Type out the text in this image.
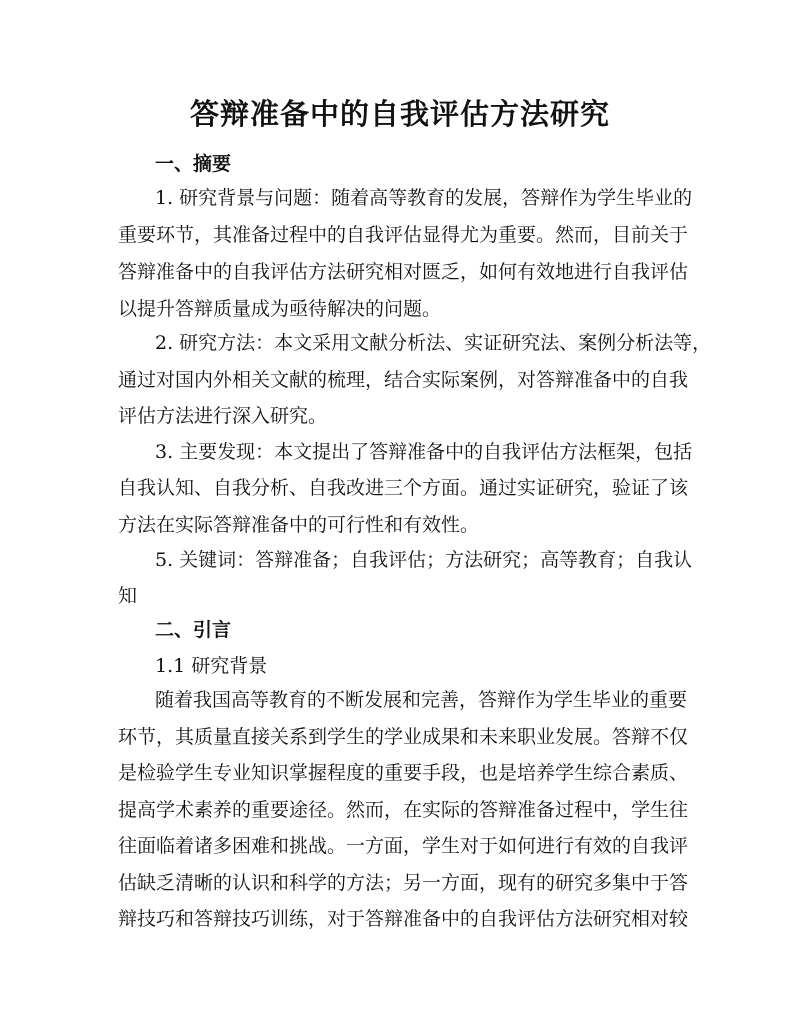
答辩准备中的自我评估方法研究
一、摘要
1. 研究背景与问题：随着高等教育的发展，答辩作为学生毕业的
重要环节，其准备过程中的自我评估显得尤为重要。然而，目前关于
答辩准备中的自我评估方法研究相对匮乏，如何有效地进行自我评估
以提升答辩质量成为亟待解决的问题。
2. 研究方法：本文采用文献分析法、实证研究法、案例分析法等，
通过对国内外相关文献的梳理，结合实际案例，对答辩准备中的自我
评估方法进行深入研究。
3. 主要发现：本文提出了答辩准备中的自我评估方法框架，包括
自我认知、自我分析、自我改进三个方面。通过实证研究，验证了该
方法在实际答辩准备中的可行性和有效性。
5. 关键词：答辩准备；自我评估；方法研究；高等教育；自我认
知
二、引言
1.1 研究背景
随着我国高等教育的不断发展和完善，答辩作为学生毕业的重要
环节，其质量直接关系到学生的学业成果和未来职业发展。答辩不仅
是检验学生专业知识掌握程度的重要手段，也是培养学生综合素质、
提高学术素养的重要途径。然而，在实际的答辩准备过程中，学生往
往面临着诸多困难和挑战。一方面，学生对于如何进行有效的自我评
估缺乏清晰的认识和科学的方法；另一方面，现有的研究多集中于答
辩技巧和答辩技巧训练，对于答辩准备中的自我评估方法研究相对较
